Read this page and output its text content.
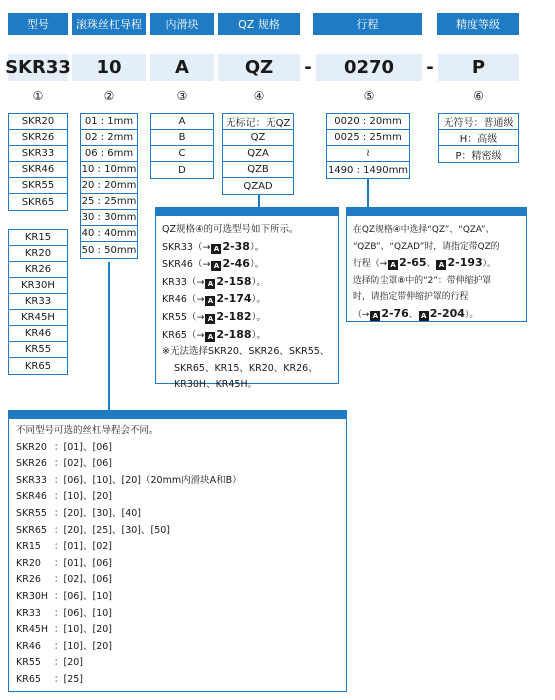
型号	滚珠丝杠导程	内滑块	QZ 规格	行程	精度等级
SKR33	10	A	QZ	-	0270	-	P
①	②	③	④	⑤	⑥
SKR20
SKR26
SKR33
SKR46
SKR55
SKR65
KR15
KR20
KR26
KR30H
KR33
KR45H
KR46
KR55
KR65
01 : 1mm
02 : 2mm
06 : 6mm
10 : 10mm
20 : 20mm
25 : 25mm
30 : 30mm
40 : 40mm
50 : 50mm
A
B
C
D
无标记：无QZ
QZ
QZA
QZB
QZAD
0020 : 20mm
0025 : 25mm
≀
1490 : 1490mm
无符号：普通级
H：高级
P：精密级
QZ规格④的可选型号如下所示。
SKR33（→ A 2-38）。
SKR46（→ A 2-46）。
KR33（→ A 2-158）。
KR46（→ A 2-174）。
KR55（→ A 2-182）。
KR65（→ A 2-188）。
※无法选择SKR20、SKR26、SKR55、
SKR65、KR15、KR20、KR26、
KR30H、KR45H。
在QZ规格④中选择“QZ”、“QZA”、
“QZB”、“QZAD”时，请指定带QZ的
行程（→ A 2-65、 A 2-193）。
选择防尘罩⑧中的“2”：带伸缩护罩
时，请指定带伸缩护罩的行程
（→ A 2-76、 A 2-204）。
不同型号可选的丝杠导程会不同。
SKR20 ：[01]、[06]
SKR26 ：[02]、[06]
SKR33 ：[06]、[10]、[20]（20mm内滑块A和B）
SKR46 ：[10]、[20]
SKR55 ：[20]、[30]、[40]
SKR65 ：[20]、[25]、[30]、[50]
KR15 ：[01]、[02]
KR20 ：[01]、[06]
KR26 ：[02]、[06]
KR30H ：[06]、[10]
KR33 ：[06]、[10]
KR45H ：[10]、[20]
KR46 ：[10]、[20]
KR55 ：[20]
KR65 ：[25]
